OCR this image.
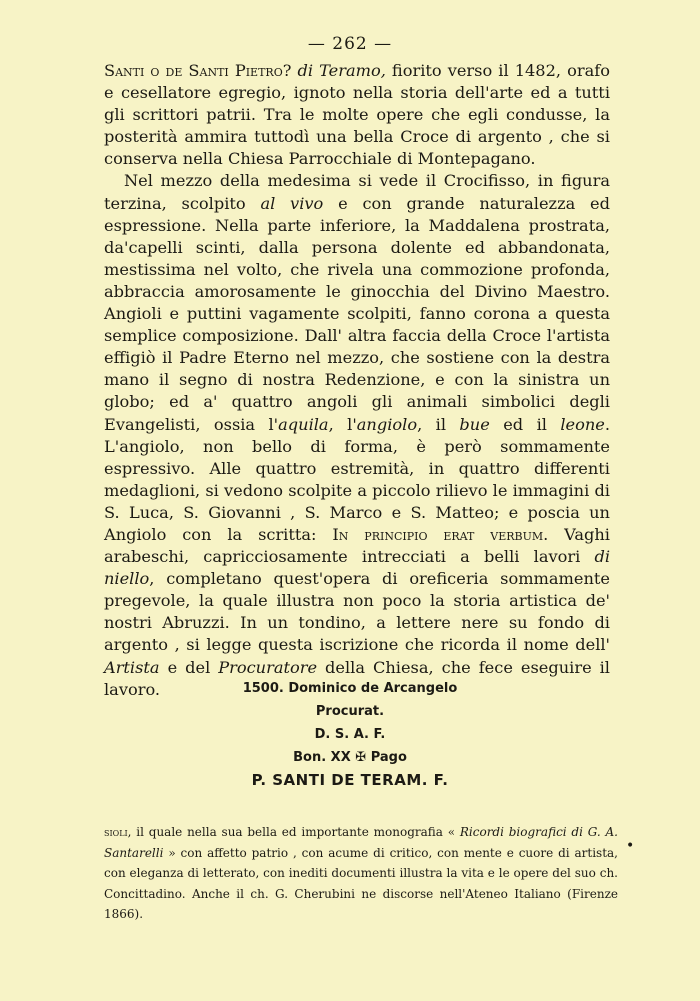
— 262 —

Santi o de Santi Pietro? di Teramo, fiorito verso il 1482, orafo e cesellatore egregio, ignoto nella storia dell'arte ed a tutti gli scrittori patrii. Tra le molte opere che egli condusse, la posterità ammira tuttodì una bella Croce di argento , che si conserva nella Chiesa Parrocchiale di Montepagano.

Nel mezzo della medesima si vede il Crocifisso, in figura terzina, scolpito al vivo e con grande naturalezza ed espressione. Nella parte inferiore, la Maddalena prostrata, da'capelli scinti, dalla persona dolente ed abbandonata, mestissima nel volto, che rivela una commozione profonda, abbraccia amorosamente le ginocchia del Divino Maestro. Angioli e puttini vagamente scolpiti, fanno corona a questa semplice composizione. Dall' altra faccia della Croce l'artista effigiò il Padre Eterno nel mezzo, che sostiene con la destra mano il segno di nostra Redenzione, e con la sinistra un globo; ed a' quattro angoli gli animali simbolici degli Evangelisti, ossia l'aquila, l'angiolo, il bue ed il leone. L'angiolo, non bello di forma, è però sommamente espressivo. Alle quattro estremità, in quattro differenti medaglioni, si vedono scolpite a piccolo rilievo le immagini di S. Luca, S. Giovanni , S. Marco e S. Matteo; e poscia un Angiolo con la scritta: In principio erat verbum. Vaghi arabeschi, capricciosamente intrecciati a belli lavori di niello, completano quest'opera di oreficeria sommamente pregevole, la quale illustra non poco la storia artistica de' nostri Abruzzi. In un tondino, a lettere nere su fondo di argento , si legge questa iscrizione che ricorda il nome dell' Artista e del Procuratore della Chiesa, che fece eseguire il lavoro.	1500. Dominico de Arcangelo
Procurat.
D. S. A. F.
Bon. XX ✠ Pago
P. SANTI DE TERAM. F.
sioli, il quale nella sua bella ed importante monografia « Ricordi biografici di G. A. Santarelli » con affetto patrio , con acume di critico, con mente e cuore di artista, con eleganza di letterato, con inediti documenti illustra la vita e le opere del suo ch. Concittadino. Anche il ch. G. Cherubini ne discorse nell'Ateneo Italiano (Firenze 1866).
•
